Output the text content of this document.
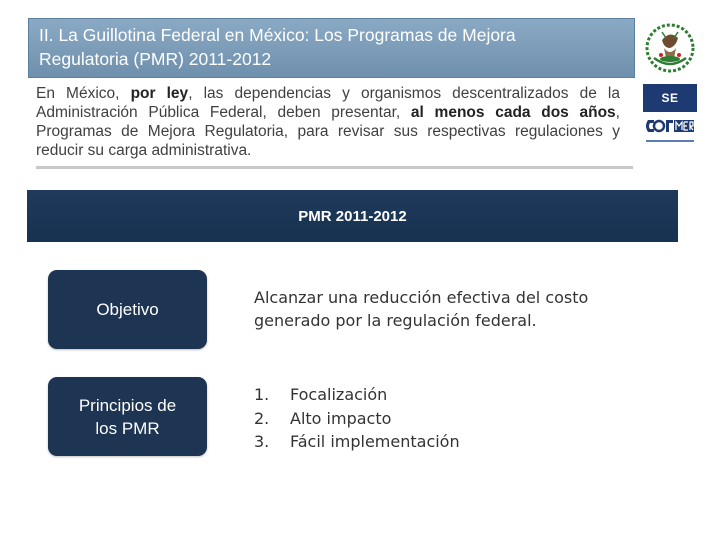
II. La Guillotina Federal en México: Los Programas de Mejora
Regulatoria (PMR) 2011-2012
SE

En México, por ley, las dependencias y organismos descentralizados de la Administración Pública Federal, deben presentar, al menos cada dos años, Programas de Mejora Regulatoria, para revisar sus respectivas regulaciones y reducir su carga administrativa.

PMR 2011-2012
Objetivo
Alcanzar una reducción efectiva del costo generado por la regulación federal.
Principios de
los PMR
1.	Focalización
2.	Alto impacto
3.	Fácil implementación
